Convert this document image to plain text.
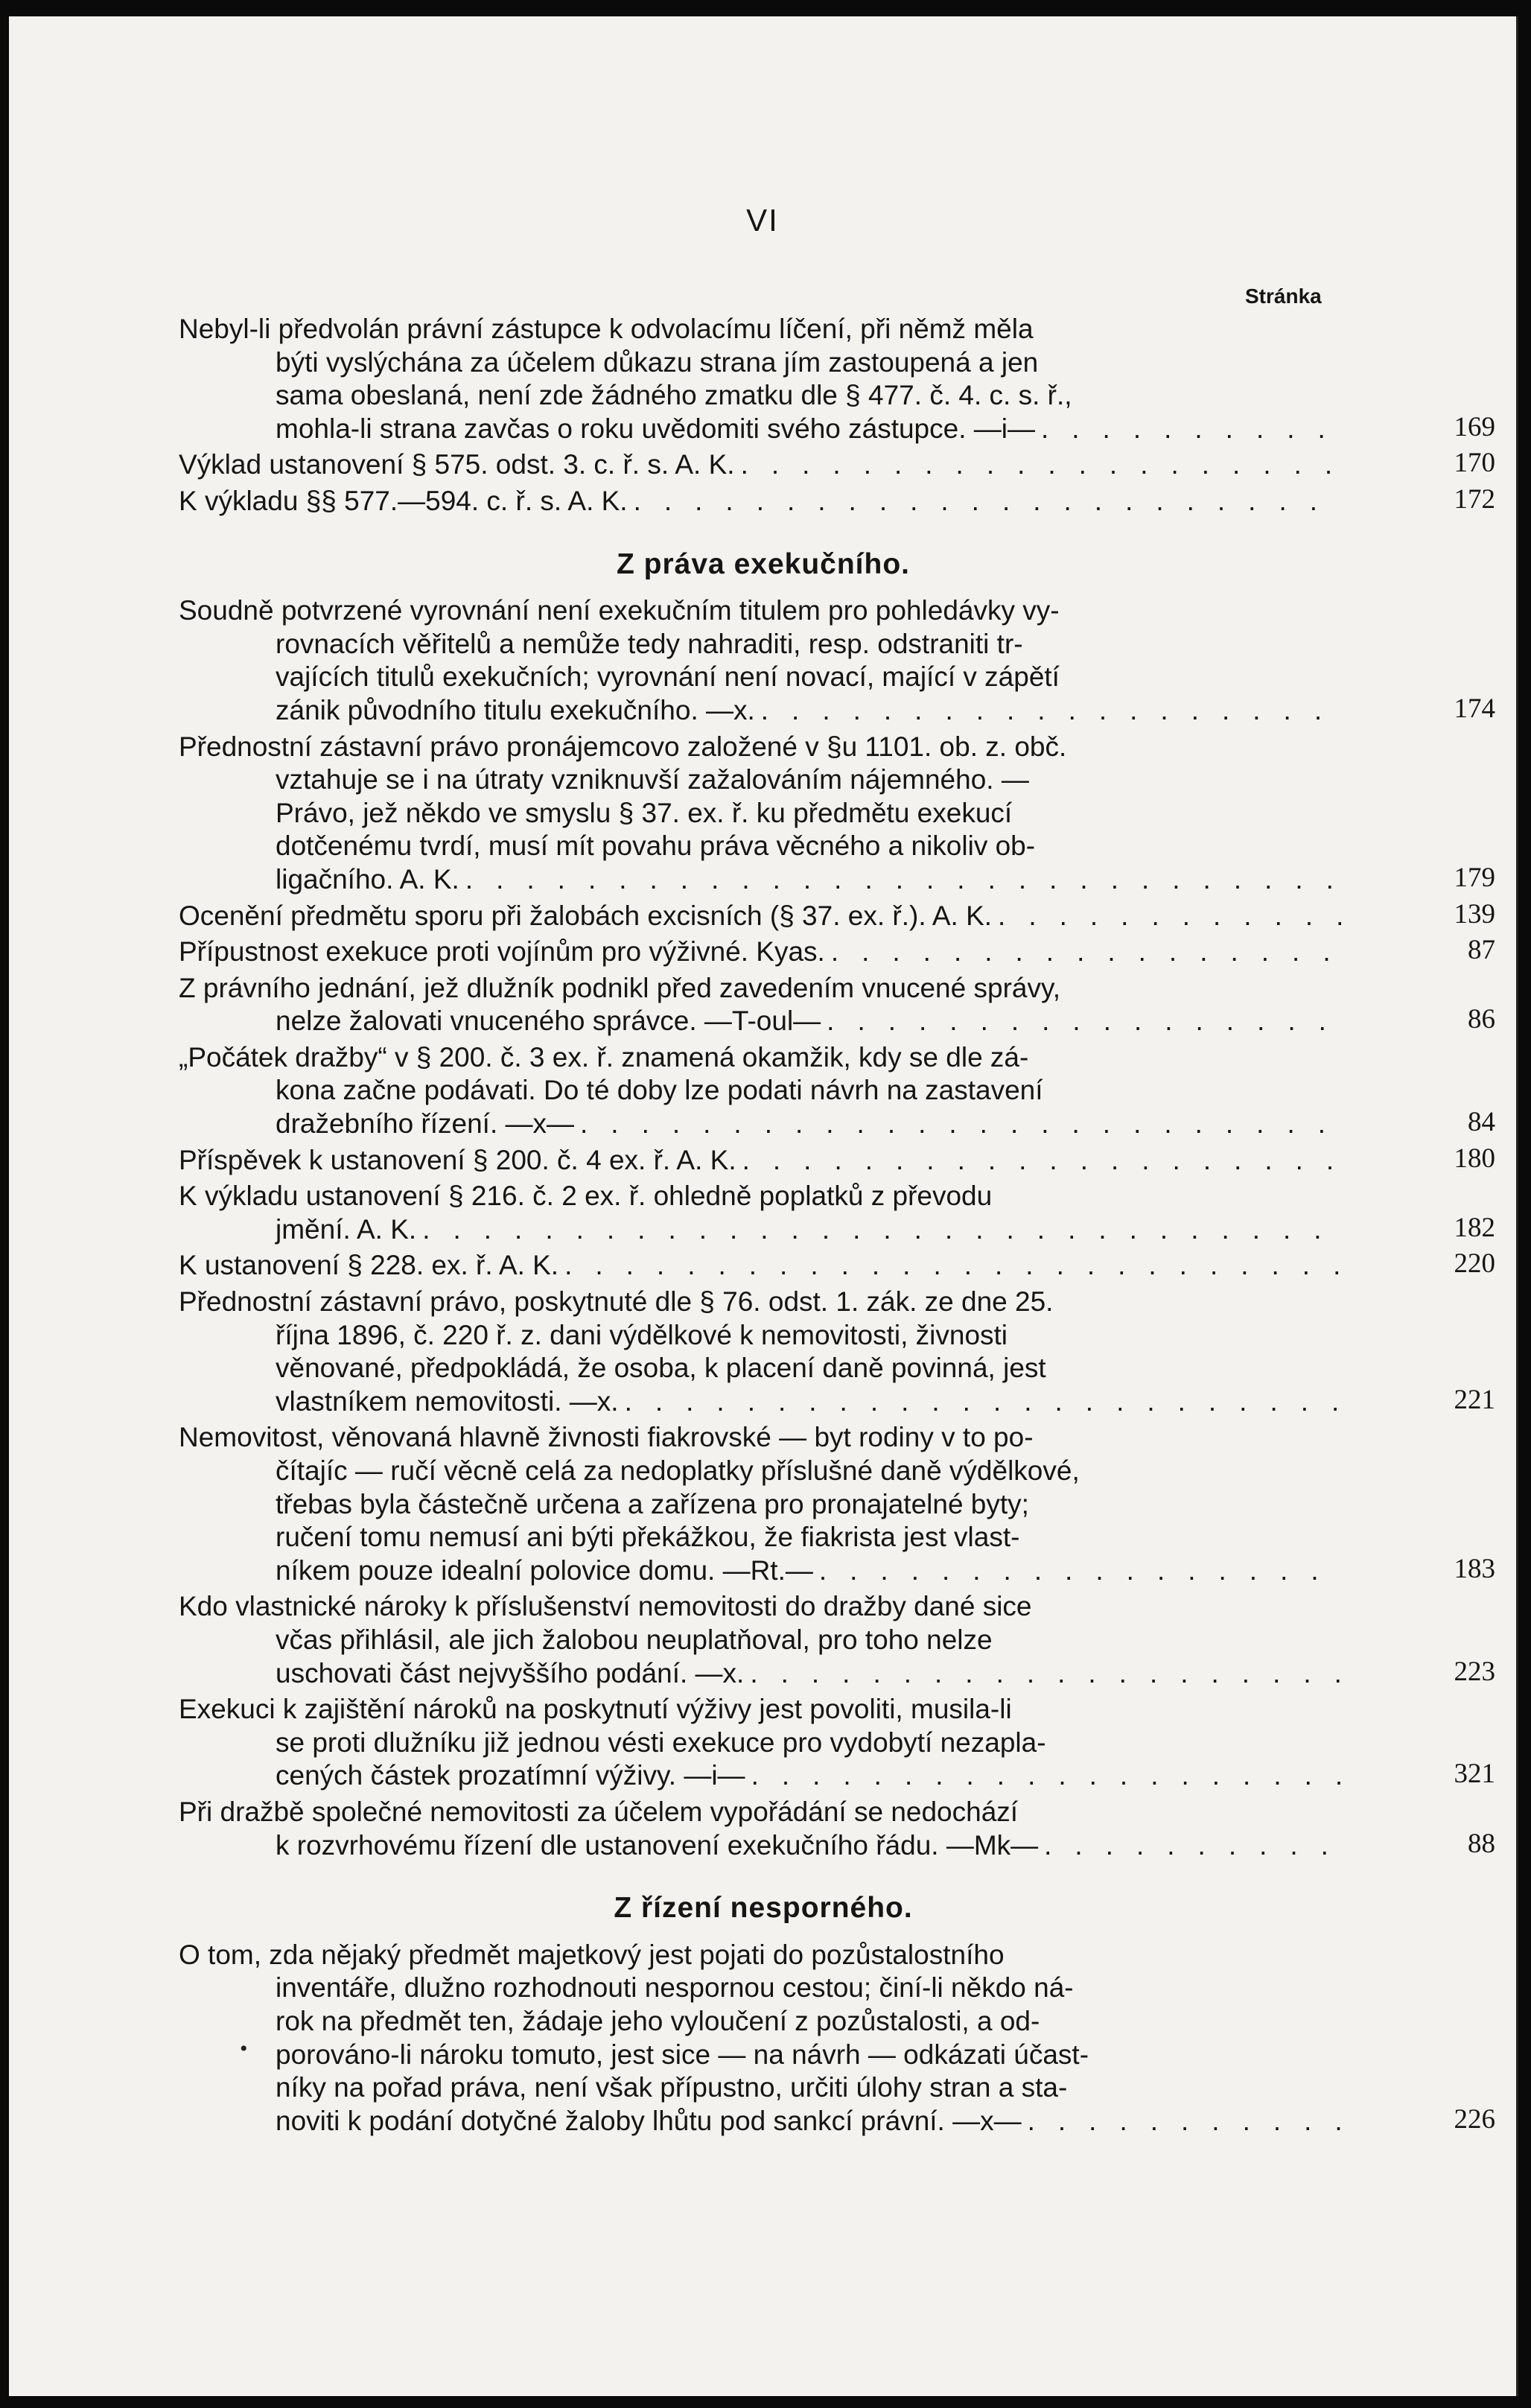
VI
Stránka
Nebyl-li předvolán právní zástupce k odvolacímu líčení, při němž měla
býti vyslýchána za účelem důkazu strana jím zastoupená a jen
sama obeslaná, není zde žádného zmatku dle § 477. č. 4. c. s. ř.,
mohla-li strana zavčas o roku uvědomiti svého zástupce. —i— . . .	169
Výklad ustanovení § 575. odst. 3. c. ř. s. A. K. . . .	170
K výkladu §§ 577.—594. c. ř. s. A. K. . . .	172
Z práva exekučního.
Soudně potvrzené vyrovnání není exekučním titulem pro pohledávky vy-
rovnacích věřitelů a nemůže tedy nahraditi, resp. odstraniti tr-
vajících titulů exekučních; vyrovnání není novací, mající v zápětí
zánik původního titulu exekučního. —x. . . .	174
Přednostní zástavní právo pronájemcovo založené v §u 1101. ob. z. obč.
vztahuje se i na útraty vzniknuvší zažalováním nájemného. —
Právo, jež někdo ve smyslu § 37. ex. ř. ku předmětu exekucí
dotčenému tvrdí, musí mít povahu práva věcného a nikoliv ob-
ligačního. A. K. . . .	179
Ocenění předmětu sporu při žalobách excisních (§ 37. ex. ř.). A. K. . . .	139
Přípustnost exekuce proti vojínům pro výživné. Kyas. . . .	87
Z právního jednání, jež dlužník podnikl před zavedením vnucené správy,
nelze žalovati vnuceného správce. —T-oul— . . .	86
„Počátek dražby“ v § 200. č. 3 ex. ř. znamená okamžik, kdy se dle zá-
kona začne podávati. Do té doby lze podati návrh na zastavení
dražebního řízení. —x— . . .	84
Příspěvek k ustanovení § 200. č. 4 ex. ř. A. K. . . .	180
K výkladu ustanovení § 216. č. 2 ex. ř. ohledně poplatků z převodu
jmění. A. K. . . .	182
K ustanovení § 228. ex. ř. A. K. . . .	220
Přednostní zástavní právo, poskytnuté dle § 76. odst. 1. zák. ze dne 25.
října 1896, č. 220 ř. z. dani výdělkové k nemovitosti, živnosti
věnované, předpokládá, že osoba, k placení daně povinná, jest
vlastníkem nemovitosti. —x. . . .	221
Nemovitost, věnovaná hlavně živnosti fiakrovské — byt rodiny v to po-
čítajíc — ručí věcně celá za nedoplatky příslušné daně výdělkové,
třebas byla částečně určena a zařízena pro pronajatelné byty;
ručení tomu nemusí ani býti překážkou, že fiakrista jest vlast-
níkem pouze idealní polovice domu. —Rt.— . . .	183
Kdo vlastnické nároky k příslušenství nemovitosti do dražby dané sice
včas přihlásil, ale jich žalobou neuplatňoval, pro toho nelze
uschovati část nejvyššího podání. —x. . . .	223
Exekuci k zajištění nároků na poskytnutí výživy jest povoliti, musila-li
se proti dlužníku již jednou vésti exekuce pro vydobytí nezapla-
cených částek prozatímní výživy. —i— . . .	321
Při dražbě společné nemovitosti za účelem vypořádání se nedochází
k rozvrhovému řízení dle ustanovení exekučního řádu. —Mk— . . .	88
Z řízení nesporného.
O tom, zda nějaký předmět majetkový jest pojati do pozůstalostního
inventáře, dlužno rozhodnouti nespornou cestou; činí-li někdo ná-
rok na předmět ten, žádaje jeho vyloučení z pozůstalosti, a od-
porováno-li nároku tomuto, jest sice — na návrh — odkázati účast-
níky na pořad práva, není však přípustno, určiti úlohy stran a sta-
noviti k podání dotyčné žaloby lhůtu pod sankcí právní. —x— . . .	226
•
